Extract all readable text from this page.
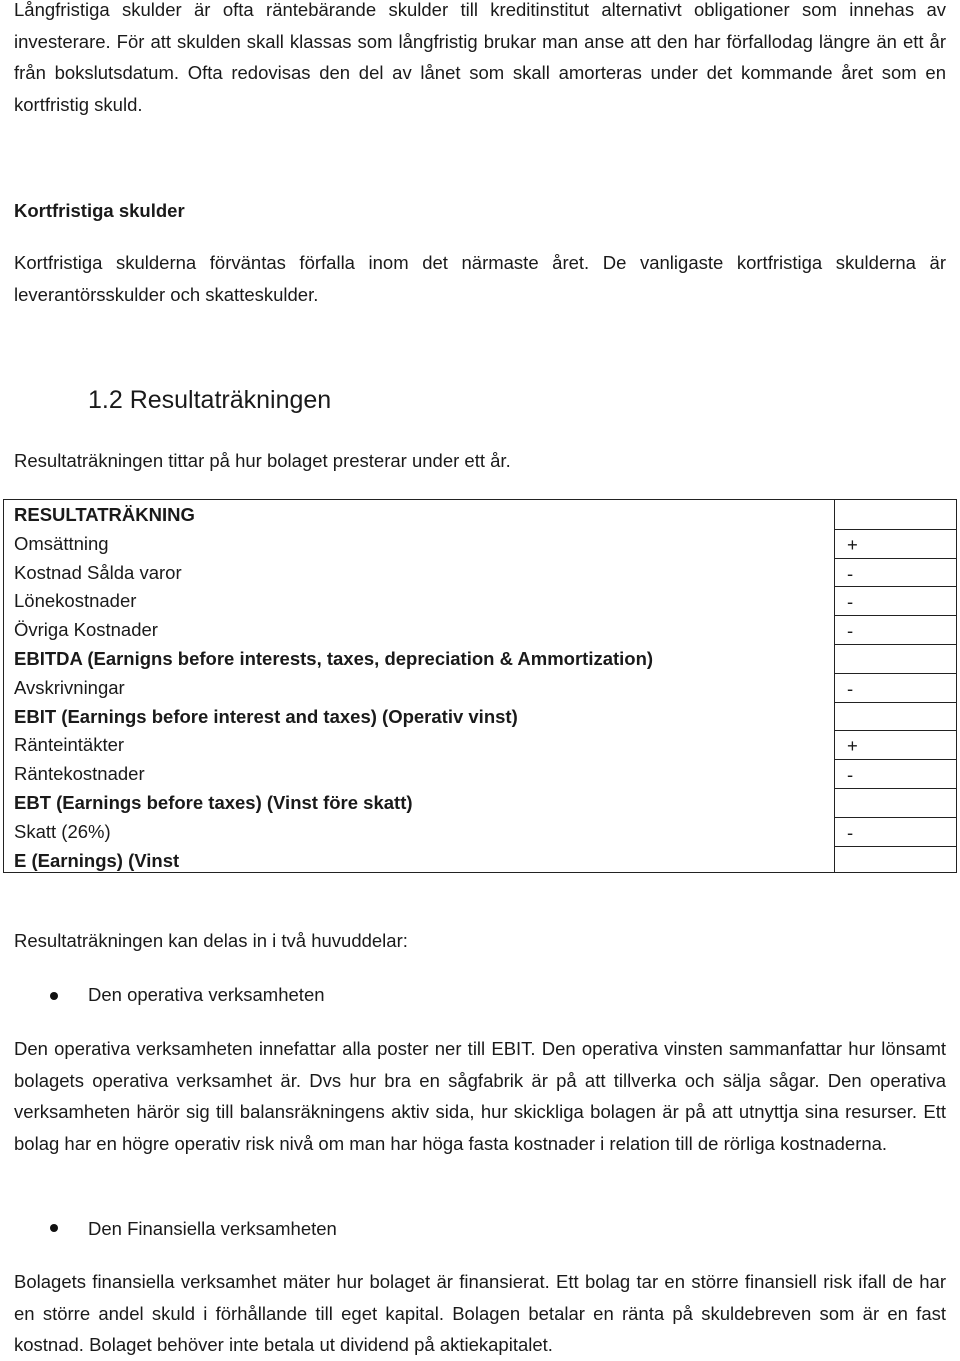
Långfristiga skulder är ofta räntebärande skulder till kreditinstitut alternativt obligationer som innehas av investerare. För att skulden skall klassas som långfristig brukar man anse att den har förfallodag längre än ett år från bokslutsdatum. Ofta redovisas den del av lånet som skall amorteras under det kommande året som en kortfristig skuld.

Kortfristiga skulder

Kortfristiga skulderna förväntas förfalla inom det närmaste året. De vanligaste kortfristiga skulderna är leverantörsskulder och skatteskulder.

1.2 Resultaträkningen

Resultaträkningen tittar på hur bolaget presterar under ett år.

RESULTATRÄKNING
Omsättning	+
Kostnad Sålda varor	-
Lönekostnader	-
Övriga Kostnader	-
EBITDA (Earnigns before interests, taxes, depreciation & Ammortization)
Avskrivningar	-
EBIT (Earnings before interest and taxes) (Operativ vinst)
Ränteintäkter	+
Räntekostnader	-
EBT (Earnings before taxes) (Vinst före skatt)
Skatt (26%)	-
E (Earnings) (Vinst

Resultaträkningen kan delas in i två huvuddelar:

Den operativa verksamheten

Den operativa verksamheten innefattar alla poster ner till EBIT. Den operativa vinsten sammanfattar hur lönsamt bolagets operativa verksamhet är. Dvs hur bra en sågfabrik är på att tillverka och sälja sågar. Den operativa verksamheten härör sig till balansräkningens aktiv sida, hur skickliga bolagen är på att utnyttja sina resurser. Ett bolag har en högre operativ risk nivå om man har höga fasta kostnader i relation till de rörliga kostnaderna.

Den Finansiella verksamheten

Bolagets finansiella verksamhet mäter hur bolaget är finansierat. Ett bolag tar en större finansiell risk ifall de har en större andel skuld i förhållande till eget kapital. Bolagen betalar en ränta på skuldebreven som är en fast kostnad. Bolaget behöver inte betala ut dividend på aktiekapitalet.
